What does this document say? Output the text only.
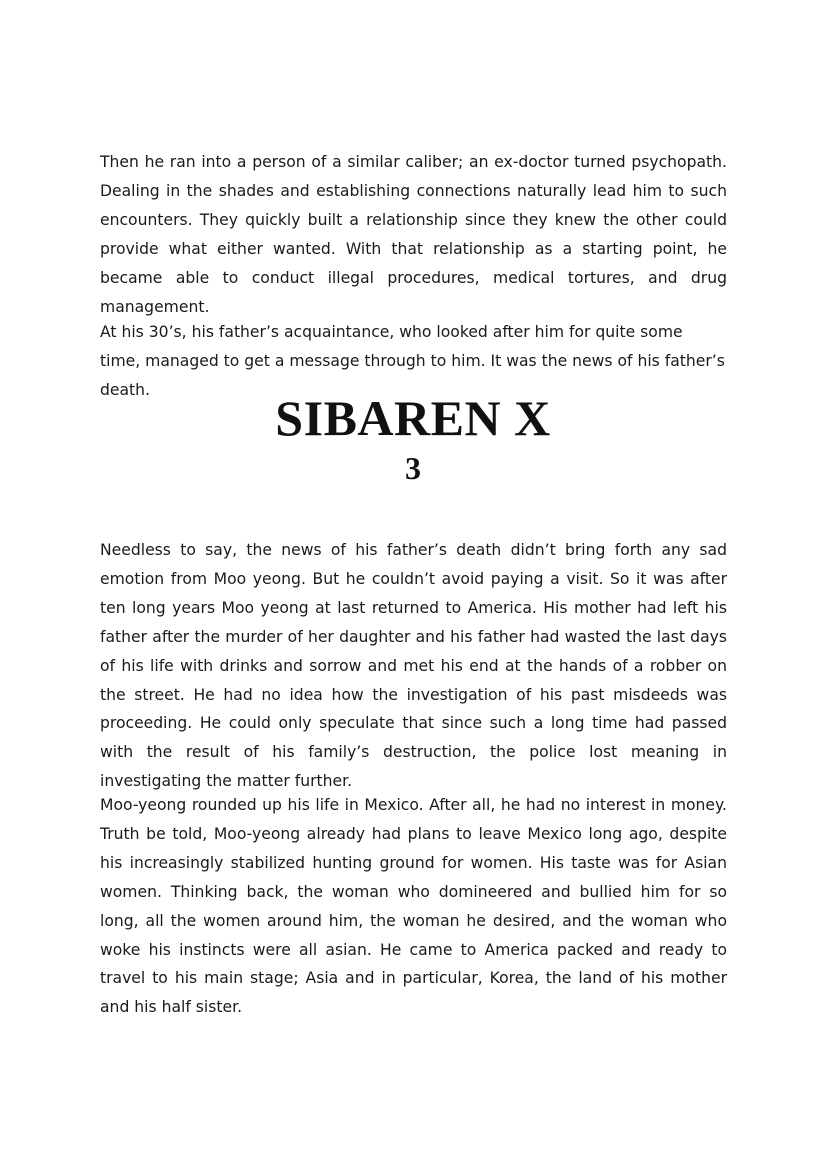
Then he ran into a person of a similar caliber; an ex-doctor turned psychopath. Dealing in the shades and establishing connections naturally lead him to such encounters. They quickly built a relationship since they knew the other could provide what either wanted. With that relationship as a starting point, he became able to conduct illegal procedures, medical tortures, and drug management.

At his 30’s, his father’s acquaintance, who looked after him for quite some time, managed to get a message through to him. It was the news of his father’s death.

SIBAREN X
3

Needless to say, the news of his father’s death didn’t bring forth any sad emotion from Moo yeong. But he couldn’t avoid paying a visit. So it was after ten long years Moo yeong at last returned to America. His mother had left his father after the murder of her daughter and his father had wasted the last days of his life with drinks and sorrow and met his end at the hands of a robber on the street. He had no idea how the investigation of his past misdeeds was proceeding. He could only speculate that since such a long time had passed with the result of his family’s destruction, the police lost meaning in investigating the matter further.

Moo-yeong rounded up his life in Mexico. After all, he had no interest in money. Truth be told, Moo-yeong already had plans to leave Mexico long ago, despite his increasingly stabilized hunting ground for women. His taste was for Asian women. Thinking back, the woman who domineered and bullied him for so long, all the women around him, the woman he desired, and the woman who woke his instincts were all asian. He came to America packed and ready to travel to his main stage; Asia and in particular, Korea, the land of his mother and his half sister.
